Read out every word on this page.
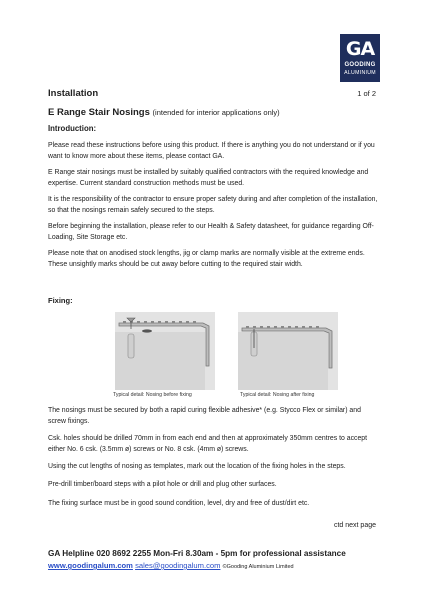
GA
GOODING
ALUMINIUM
Installation	1 of 2
E Range Stair Nosings (intended for interior applications only)
Introduction:

Please read these instructions before using this product. If there is anything you do not understand or if you want to know more about these items, please contact GA.

E Range stair nosings must be installed by suitably qualified contractors with the required knowledge and expertise. Current standard construction methods must be used.

It is the responsibility of the contractor to ensure proper safety during and after completion of the installation, so that the nosings remain safely secured to the steps.

Before beginning the installation, please refer to our Health & Safety datasheet, for guidance regarding Off-Loading, Site Storage etc.

Please note that on anodised stock lengths, jig or clamp marks are normally visible at the extreme ends. These unsightly marks should be cut away before cutting to the required stair width.

Fixing:
Typical detail: Nosing before fixing	Typical detail: Nosing after fixing

The nosings must be secured by both a rapid curing flexible adhesive* (e.g. Stycco Flex or similar) and screw fixings.

Csk. holes should be drilled 70mm in from each end and then at approximately 350mm centres to accept either No. 6 csk. (3.5mm ø) screws or No. 8 csk. (4mm ø) screws.

Using the cut lengths of nosing as templates, mark out the location of the fixing holes in the steps.

Pre-drill timber/board steps with a pilot hole or drill and plug other surfaces.

The fixing surface must be in good sound condition, level, dry and free of dust/dirt etc.

ctd next page
GA Helpline 020 8692 2255 Mon-Fri 8.30am - 5pm for professional assistance
www.goodingalum.com sales@goodingalum.com ©Gooding Aluminium Limited
